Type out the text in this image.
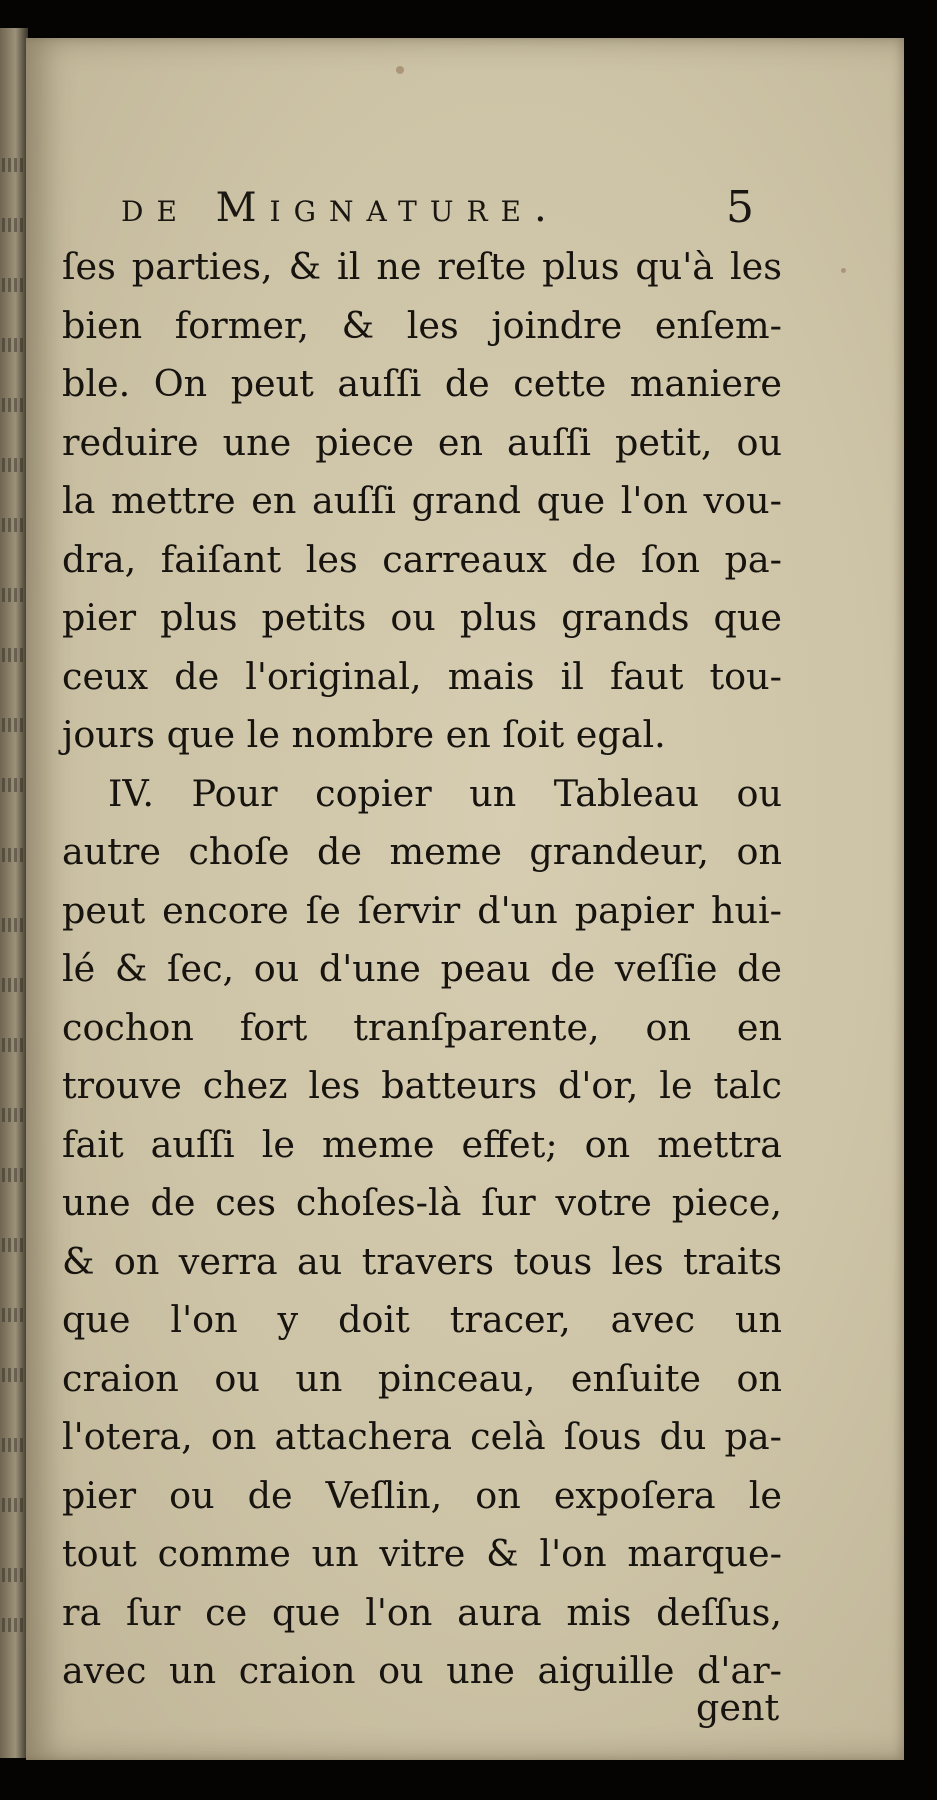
de Mignature.	5
ſes parties, & il ne reſte plus qu'à les
bien former, & les joindre enſem-
ble. On peut auſſi de cette maniere
reduire une piece en auſſi petit, ou
la mettre en auſſi grand que l'on vou-
dra, faiſant les carreaux de ſon pa-
pier plus petits ou plus grands que
ceux de l'original, mais il faut tou-
jours que le nombre en ſoit egal.
IV. Pour copier un Tableau ou
autre choſe de meme grandeur, on
peut encore ſe ſervir d'un papier hui-
lé & ſec, ou d'une peau de veſſie de
cochon fort tranſparente, on en
trouve chez les batteurs d'or, le talc
fait auſſi le meme effet; on mettra
une de ces choſes-là ſur votre piece,
& on verra au travers tous les traits
que l'on y doit tracer, avec un
craion ou un pinceau, enſuite on
l'otera, on attachera celà ſous du pa-
pier ou de Veſlin, on expoſera le
tout comme un vitre & l'on marque-
ra ſur ce que l'on aura mis deſſus,
avec un craion ou une aiguille d'ar-
gent
